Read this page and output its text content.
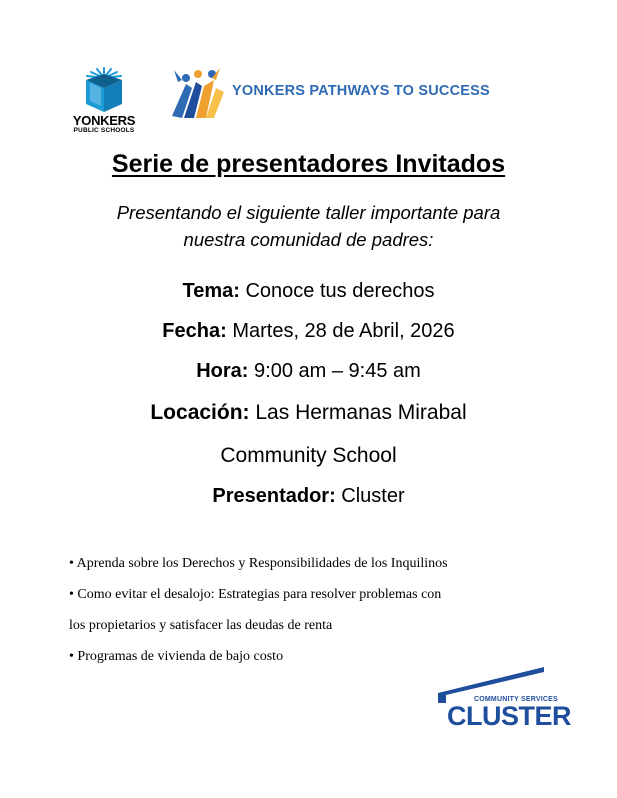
YONKERS
PUBLIC SCHOOLS
YONKERS PATHWAYS TO SUCCESS
Serie de presentadores Invitados
Presentando el siguiente taller importante para
nuestra comunidad de padres:
Tema: Conoce tus derechos
Fecha: Martes, 28 de Abril, 2026
Hora: 9:00 am – 9:45 am
Locación: Las Hermanas Mirabal
Community School
Presentador: Cluster
• Aprenda sobre los Derechos y Responsibilidades de los Inquilinos
• Como evitar el desalojo: Estrategias para resolver problemas con
los propietarios y satisfacer las deudas de renta
• Programas de vivienda de bajo costo
COMMUNITY SERVICES
CLUSTER
